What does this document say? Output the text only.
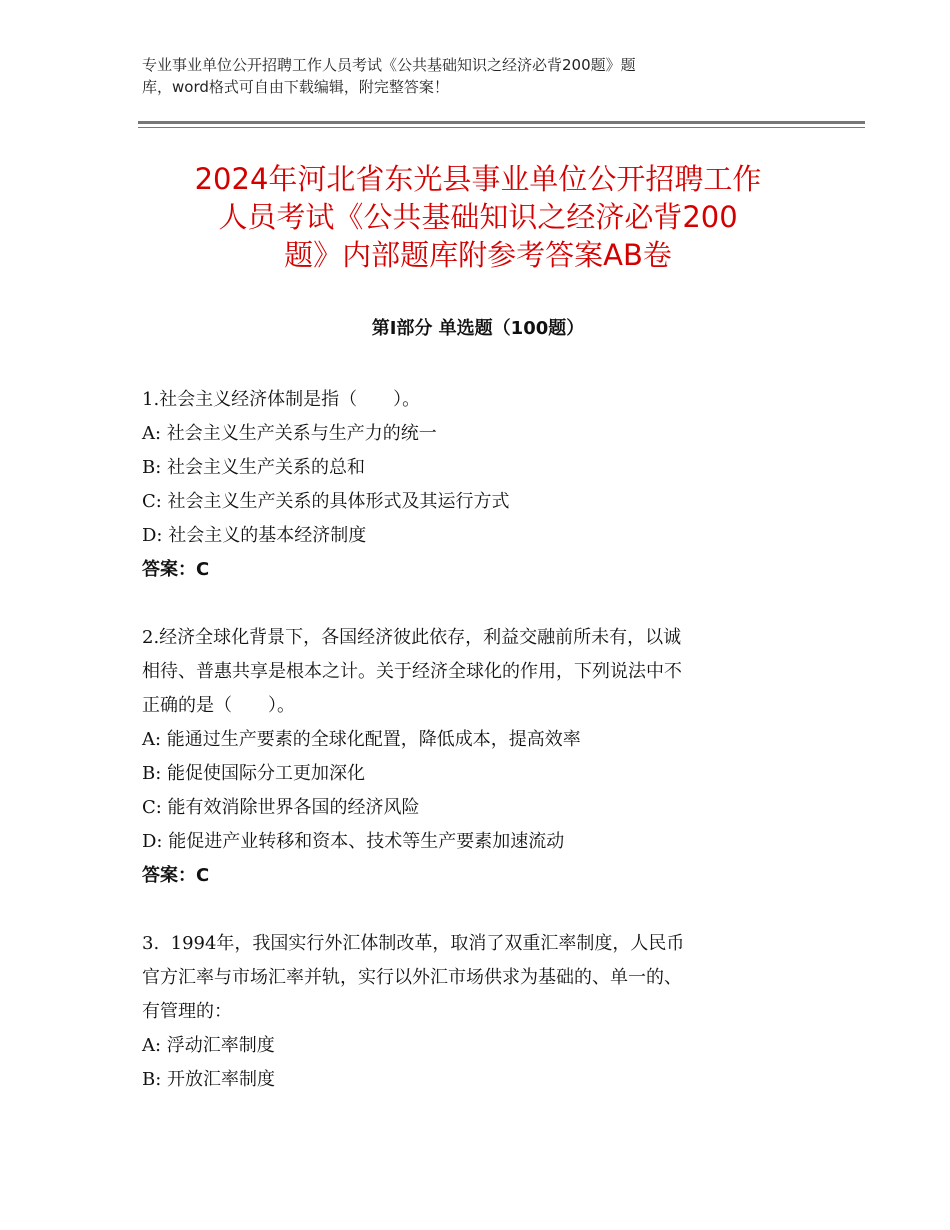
专业事业单位公开招聘工作人员考试《公共基础知识之经济必背200题》题
库，word格式可自由下载编辑，附完整答案！
2024年河北省东光县事业单位公开招聘工作
人员考试《公共基础知识之经济必背200
题》内部题库附参考答案AB卷
第Ⅰ部分 单选题（100题）
1.社会主义经济体制是指（　　）。
A: 社会主义生产关系与生产力的统一
B: 社会主义生产关系的总和
C: 社会主义生产关系的具体形式及其运行方式
D: 社会主义的基本经济制度
答案：C
2.经济全球化背景下，各国经济彼此依存，利益交融前所未有，以诚
相待、普惠共享是根本之计。关于经济全球化的作用，下列说法中不
正确的是（　　）。
A: 能通过生产要素的全球化配置，降低成本，提高效率
B: 能促使国际分工更加深化
C: 能有效消除世界各国的经济风险
D: 能促进产业转移和资本、技术等生产要素加速流动
答案：C
3.  1994年，我国实行外汇体制改革，取消了双重汇率制度，人民币
官方汇率与市场汇率并轨，实行以外汇市场供求为基础的、单一的、
有管理的：
A: 浮动汇率制度
B: 开放汇率制度
